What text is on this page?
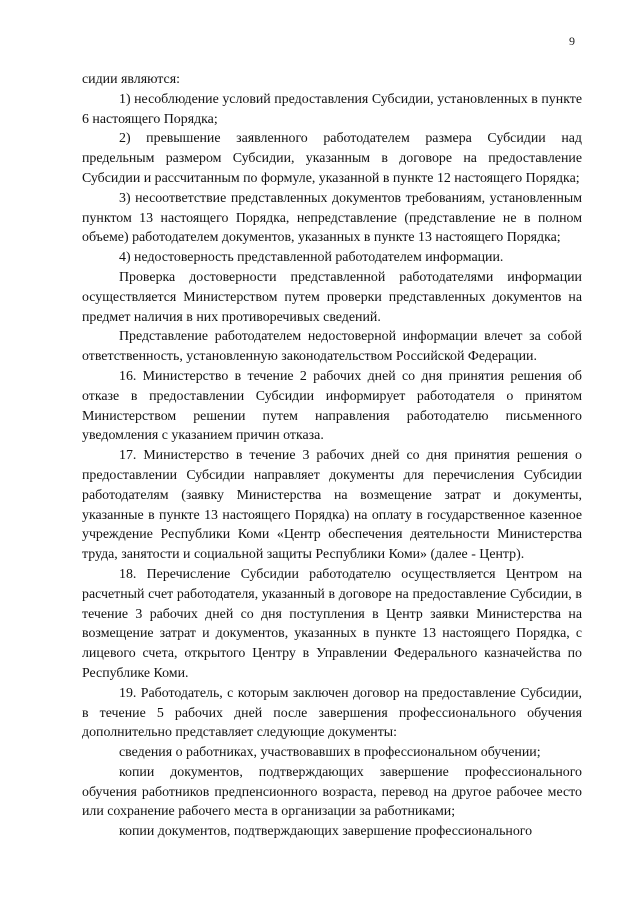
9

сидии являются:

1) несоблюдение условий предоставления Субсидии, установленных в пункте 6 настоящего Порядка;

2) превышение заявленного работодателем размера Субсидии над предельным размером Субсидии, указанным в договоре на предоставление Субсидии и рассчитанным по формуле, указанной в пункте 12 настоящего Порядка;

3) несоответствие представленных документов требованиям, установленным пунктом 13 настоящего Порядка, непредставление (представление не в полном объеме) работодателем документов, указанных в пункте 13 настоящего Порядка;

4) недостоверность представленной работодателем информации.

Проверка достоверности представленной работодателями информации осуществляется Министерством путем проверки представленных документов на предмет наличия в них противоречивых сведений.

Представление работодателем недостоверной информации влечет за собой ответственность, установленную законодательством Российской Федерации.

16. Министерство в течение 2 рабочих дней со дня принятия решения об отказе в предоставлении Субсидии информирует работодателя о принятом Министерством решении путем направления работодателю письменного уведомления с указанием причин отказа.

17. Министерство в течение 3 рабочих дней со дня принятия решения о предоставлении Субсидии направляет документы для перечисления Субсидии работодателям (заявку Министерства на возмещение затрат и документы, указанные в пункте 13 настоящего Порядка) на оплату в государственное казенное учреждение Республики Коми «Центр обеспечения деятельности Министерства труда, занятости и социальной защиты Республики Коми» (далее - Центр).

18. Перечисление Субсидии работодателю осуществляется Центром на расчетный счет работодателя, указанный в договоре на предоставление Субсидии, в течение 3 рабочих дней со дня поступления в Центр заявки Министерства на возмещение затрат и документов, указанных в пункте 13 настоящего Порядка, с лицевого счета, открытого Центру в Управлении Федерального казначейства по Республике Коми.

19. Работодатель, с которым заключен договор на предоставление Субсидии, в течение 5 рабочих дней после завершения профессионального обучения дополнительно представляет следующие документы:

сведения о работниках, участвовавших в профессиональном обучении;

копии документов, подтверждающих завершение профессионального обучения работников предпенсионного возраста, перевод на другое рабочее место или сохранение рабочего места в организации за работниками;

копии документов, подтверждающих завершение профессионального
